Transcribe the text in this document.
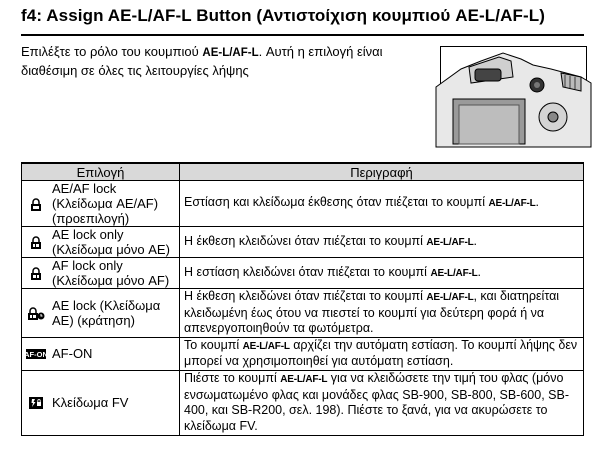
f4: Assign AE-L/AF-L Button (Αντιστοίχιση κουμπιού AE-L/AF-L)
Επιλέξτε το ρόλο του κουμπιού AE-L/AF-L. Αυτή η επιλογή είναι διαθέσιμη σε όλες τις λειτουργίες λήψης
Επιλογή		Περιγραφή
	AE/AF lock (Κλείδωμα AE/AF) (προεπιλογή)	Εστίαση και κλείδωμα έκθεσης όταν πιέζεται το κουμπί AE-L/AF-L.
	AE lock only (Κλείδωμα μόνο AE)	Η έκθεση κλειδώνει όταν πιέζεται το κουμπί AE-L/AF-L.
	AF lock only (Κλείδωμα μόνο AF)	Η εστίαση κλειδώνει όταν πιέζεται το κουμπί AE-L/AF-L.
	AE lock (Κλείδωμα AE) (κράτηση)	Η έκθεση κλειδώνει όταν πιέζεται το κουμπί AE-L/AF-L, και διατηρείται κλειδωμένη έως ότου να πιεστεί το κουμπί για δεύτερη φορά ή να απενεργοποιηθούν τα φωτόμετρα.

AF-ON	AF-ON	Το κουμπί AE-L/AF-L αρχίζει την αυτόματη εστίαση. Το κουμπί λήψης δεν μπορεί να χρησιμοποιηθεί για αυτόματη εστίαση.
	Κλείδωμα FV	Πιέστε το κουμπί AE-L/AF-L για να κλειδώσετε την τιμή του φλας (μόνο ενσωματωμένο φλας και μονάδες φλας SB-900, SB-800, SB-600, SB-400, και SB-R200, σελ. 198). Πιέστε το ξανά, για να ακυρώσετε το κλείδωμα FV.
